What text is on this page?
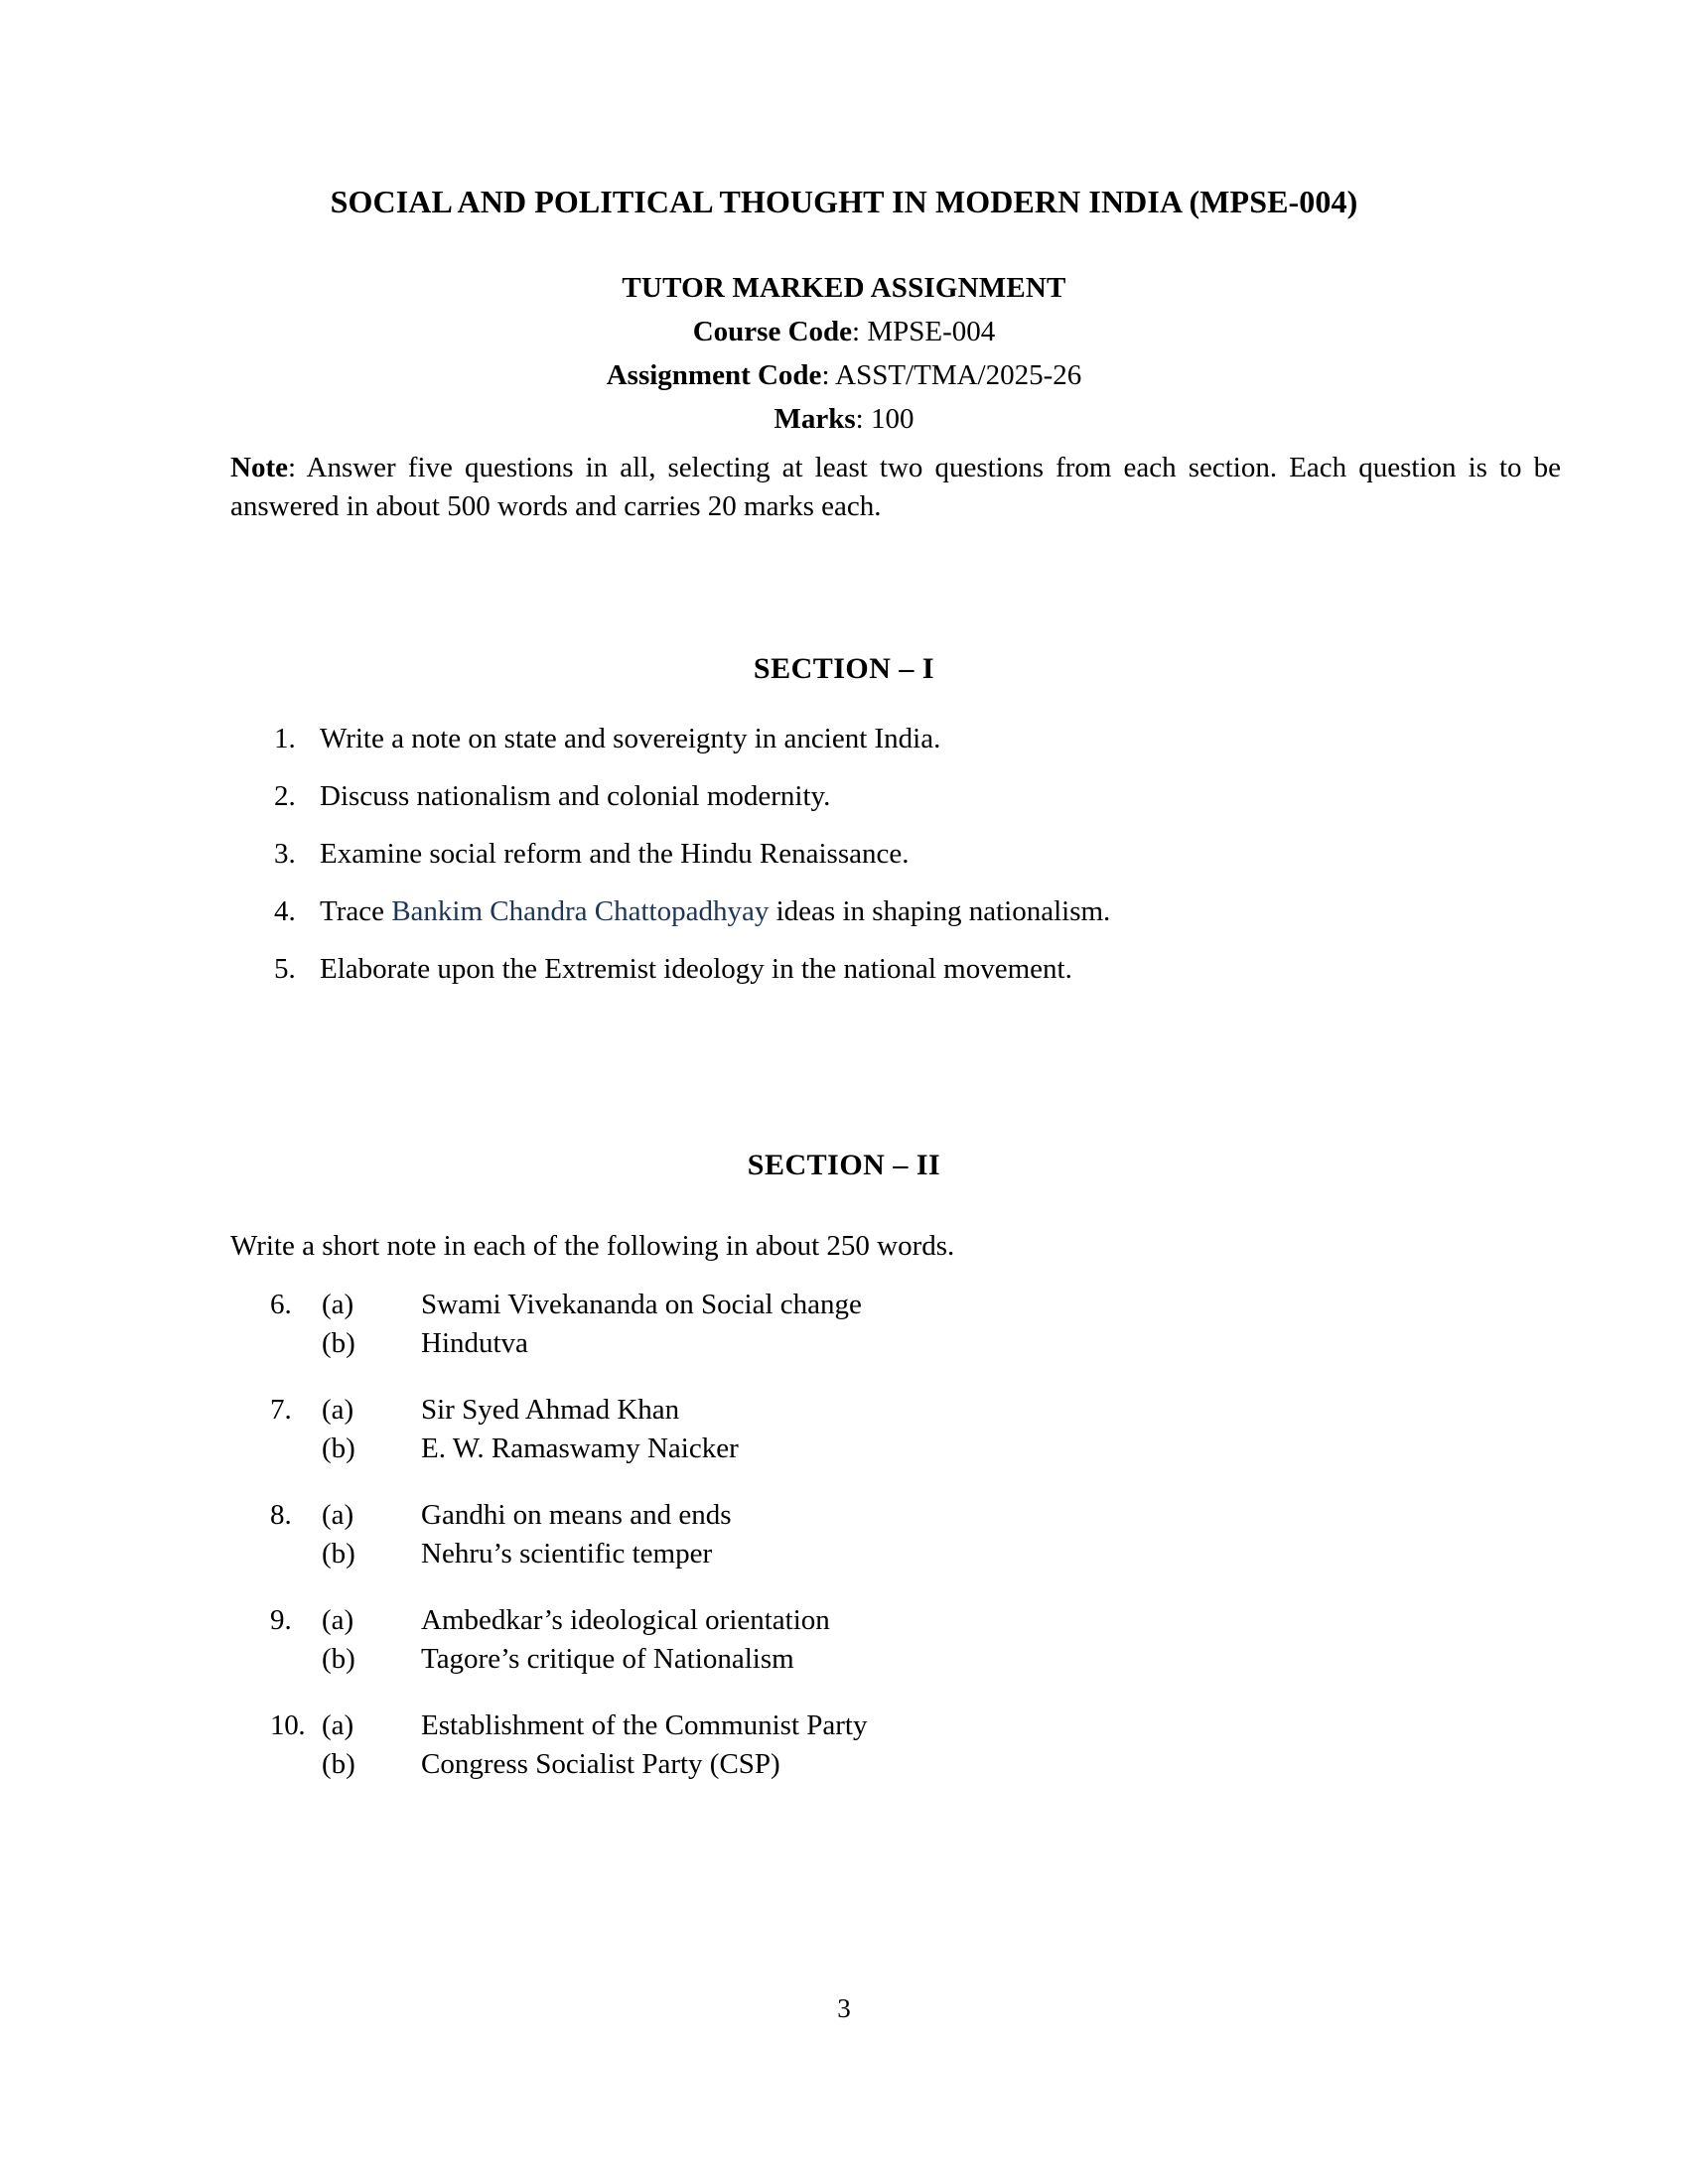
SOCIAL AND POLITICAL THOUGHT IN MODERN INDIA (MPSE-004)
TUTOR MARKED ASSIGNMENT
Course Code: MPSE-004
Assignment Code: ASST/TMA/2025-26
Marks: 100
Note: Answer five questions in all, selecting at least two questions from each section. Each question is to be answered in about 500 words and carries 20 marks each.
SECTION – I
1. Write a note on state and sovereignty in ancient India.
2. Discuss nationalism and colonial modernity.
3. Examine social reform and the Hindu Renaissance.
4. Trace Bankim Chandra Chattopadhyay ideas in shaping nationalism.
5. Elaborate upon the Extremist ideology in the national movement.
SECTION – II
Write a short note in each of the following in about 250 words.
6.	(a)	Swami Vivekananda on Social change

(b)	Hindutva
7.	(a)	Sir Syed Ahmad Khan

(b)	E. W. Ramaswamy Naicker
8.	(a)	Gandhi on means and ends

(b)	Nehru’s scientific temper
9.	(a)	Ambedkar’s ideological orientation

(b)	Tagore’s critique of Nationalism
10. (a)	Establishment of the Communist Party

(b)	Congress Socialist Party (CSP)
3
